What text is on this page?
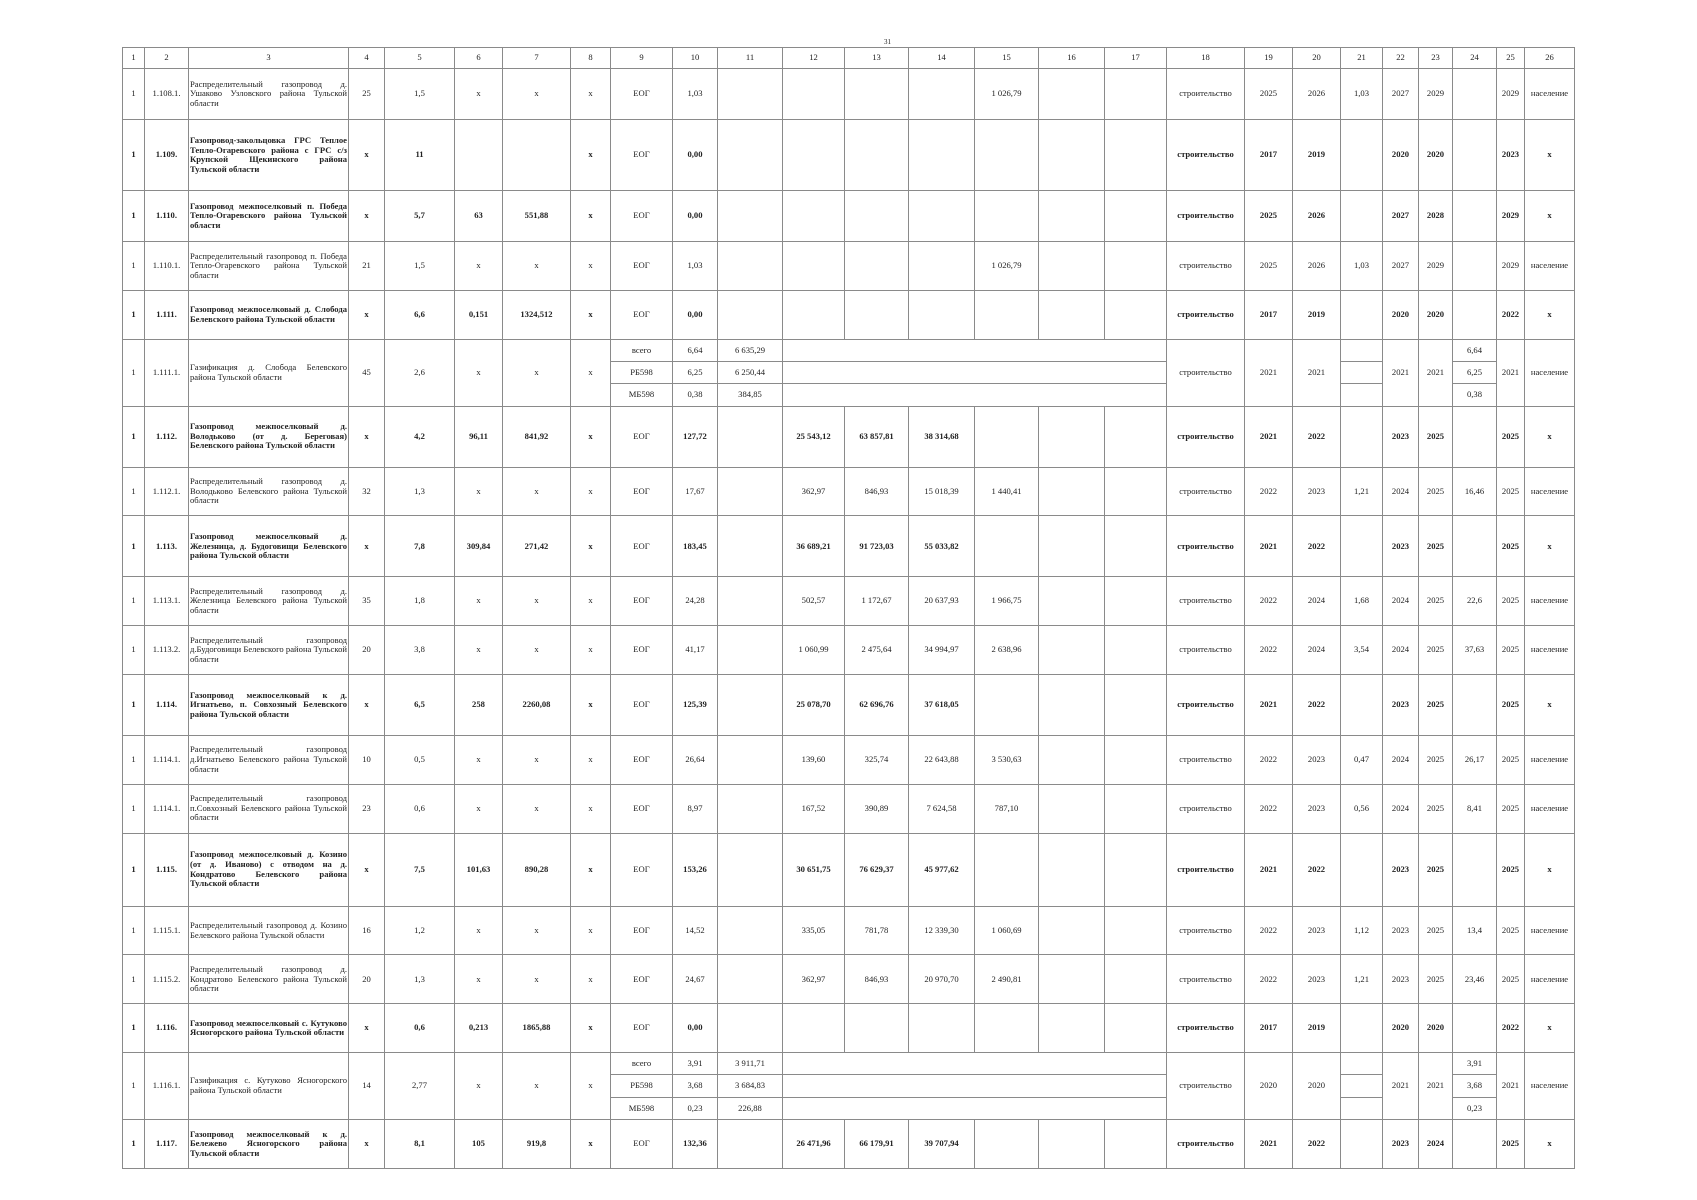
31
1	2	3	4	5	6	7	8	9	10	11	12	13	14	15	16	17	18	19	20	21	22	23	24	25	26
1	1.108.1.	Распределительный газопровод д. Ушаково Узловского района Тульской области	25	1,5	x	x	x	ЕОГ	1,03					1 026,79			строительство	2025	2026	1,03	2027	2029		2029	население
1	1.109.	Газопровод-закольцовка ГРС Теплое Тепло-Огаревского района с ГРС с/з Крупской Щекинского района Тульской области	x	11			x	ЕОГ	0,00								строительство	2017	2019		2020	2020		2023	x
1	1.110.	Газопровод межпоселковый п. Победа Тепло-Огаревского района Тульской области	x	5,7	63	551,88	x	ЕОГ	0,00								строительство	2025	2026		2027	2028		2029	x
1	1.110.1.	Распределительный газопровод п. Победа Тепло-Огаревского района Тульской области	21	1,5	x	x	x	ЕОГ	1,03					1 026,79			строительство	2025	2026	1,03	2027	2029		2029	население
1	1.111.	Газопровод межпоселковый д. Слобода Белевского района Тульской области	x	6,6	0,151	1324,512	x	ЕОГ	0,00								строительство	2017	2019		2020	2020		2022	x
1	1.111.1.	Газификация д. Слобода Белевского района Тульской области	45	2,6	x	x	x	всего	6,64	6 635,29							строительство	2021	2021		2021	2021	6,64	2021	население
								РБ598	6,25	6 250,44													6,25		
								МБ598	0,38	384,85													0,38		
1	1.112.	Газопровод межпоселковый д. Володьково (от д. Береговая) Белевского района Тульской области	x	4,2	96,11	841,92	x	ЕОГ	127,72		25 543,12	63 857,81	38 314,68				строительство	2021	2022		2023	2025		2025	x
1	1.112.1.	Распределительный газопровод д. Володьково Белевского района Тульской области	32	1,3	x	x	x	ЕОГ	17,67		362,97	846,93	15 018,39	1 440,41			строительство	2022	2023	1,21	2024	2025	16,46	2025	население
1	1.113.	Газопровод межпоселковый д. Железница, д. Будоговищи Белевского района Тульской области	x	7,8	309,84	271,42	x	ЕОГ	183,45		36 689,21	91 723,03	55 033,82				строительство	2021	2022		2023	2025		2025	x
1	1.113.1.	Распределительный газопровод д. Железница Белевского района Тульской области	35	1,8	x	x	x	ЕОГ	24,28		502,57	1 172,67	20 637,93	1 966,75			строительство	2022	2024	1,68	2024	2025	22,6	2025	население
1	1.113.2.	Распределительный газопровод д.Будоговищи Белевского района Тульской области	20	3,8	x	x	x	ЕОГ	41,17		1 060,99	2 475,64	34 994,97	2 638,96			строительство	2022	2024	3,54	2024	2025	37,63	2025	население
1	1.114.	Газопровод межпоселковый к д. Игнатьево, п. Совхозный Белевского района Тульской области	x	6,5	258	2260,08	x	ЕОГ	125,39		25 078,70	62 696,76	37 618,05				строительство	2021	2022		2023	2025		2025	x
1	1.114.1.	Распределительный газопровод д.Игнатьево Белевского района Тульской области	10	0,5	x	x	x	ЕОГ	26,64		139,60	325,74	22 643,88	3 530,63			строительство	2022	2023	0,47	2024	2025	26,17	2025	население
1	1.114.1.	Распределительный газопровод п.Совхозный Белевского района Тульской области	23	0,6	x	x	x	ЕОГ	8,97		167,52	390,89	7 624,58	787,10			строительство	2022	2023	0,56	2024	2025	8,41	2025	население
1	1.115.	Газопровод межпоселковый д. Козино (от д. Иваново) с отводом на д. Кондратово Белевского района Тульской области	x	7,5	101,63	890,28	x	ЕОГ	153,26		30 651,75	76 629,37	45 977,62				строительство	2021	2022		2023	2025		2025	x
1	1.115.1.	Распределительный газопровод д. Козино Белевского района Тульской области	16	1,2	x	x	x	ЕОГ	14,52		335,05	781,78	12 339,30	1 060,69			строительство	2022	2023	1,12	2023	2025	13,4	2025	население
1	1.115.2.	Распределительный газопровод д. Кондратово Белевского района Тульской области	20	1,3	x	x	x	ЕОГ	24,67		362,97	846,93	20 970,70	2 490,81			строительство	2022	2023	1,21	2023	2025	23,46	2025	население
1	1.116.	Газопровод межпоселковый с. Кутуково Ясногорского района Тульской области	x	0,6	0,213	1865,88	x	ЕОГ	0,00								строительство	2017	2019		2020	2020		2022	x
1	1.116.1.	Газификация с. Кутуково Ясногорского района Тульской области	14	2,77	x	x	x	всего	3,91	3 911,71							строительство	2020	2020		2021	2021	3,91	2021	население
								РБ598	3,68	3 684,83													3,68		
								МБ598	0,23	226,88													0,23		
1	1.117.	Газопровод межпоселковый к д. Бележево Ясногорского района Тульской области	x	8,1	105	919,8	x	ЕОГ	132,36		26 471,96	66 179,91	39 707,94				строительство	2021	2022		2023	2024		2025	x
